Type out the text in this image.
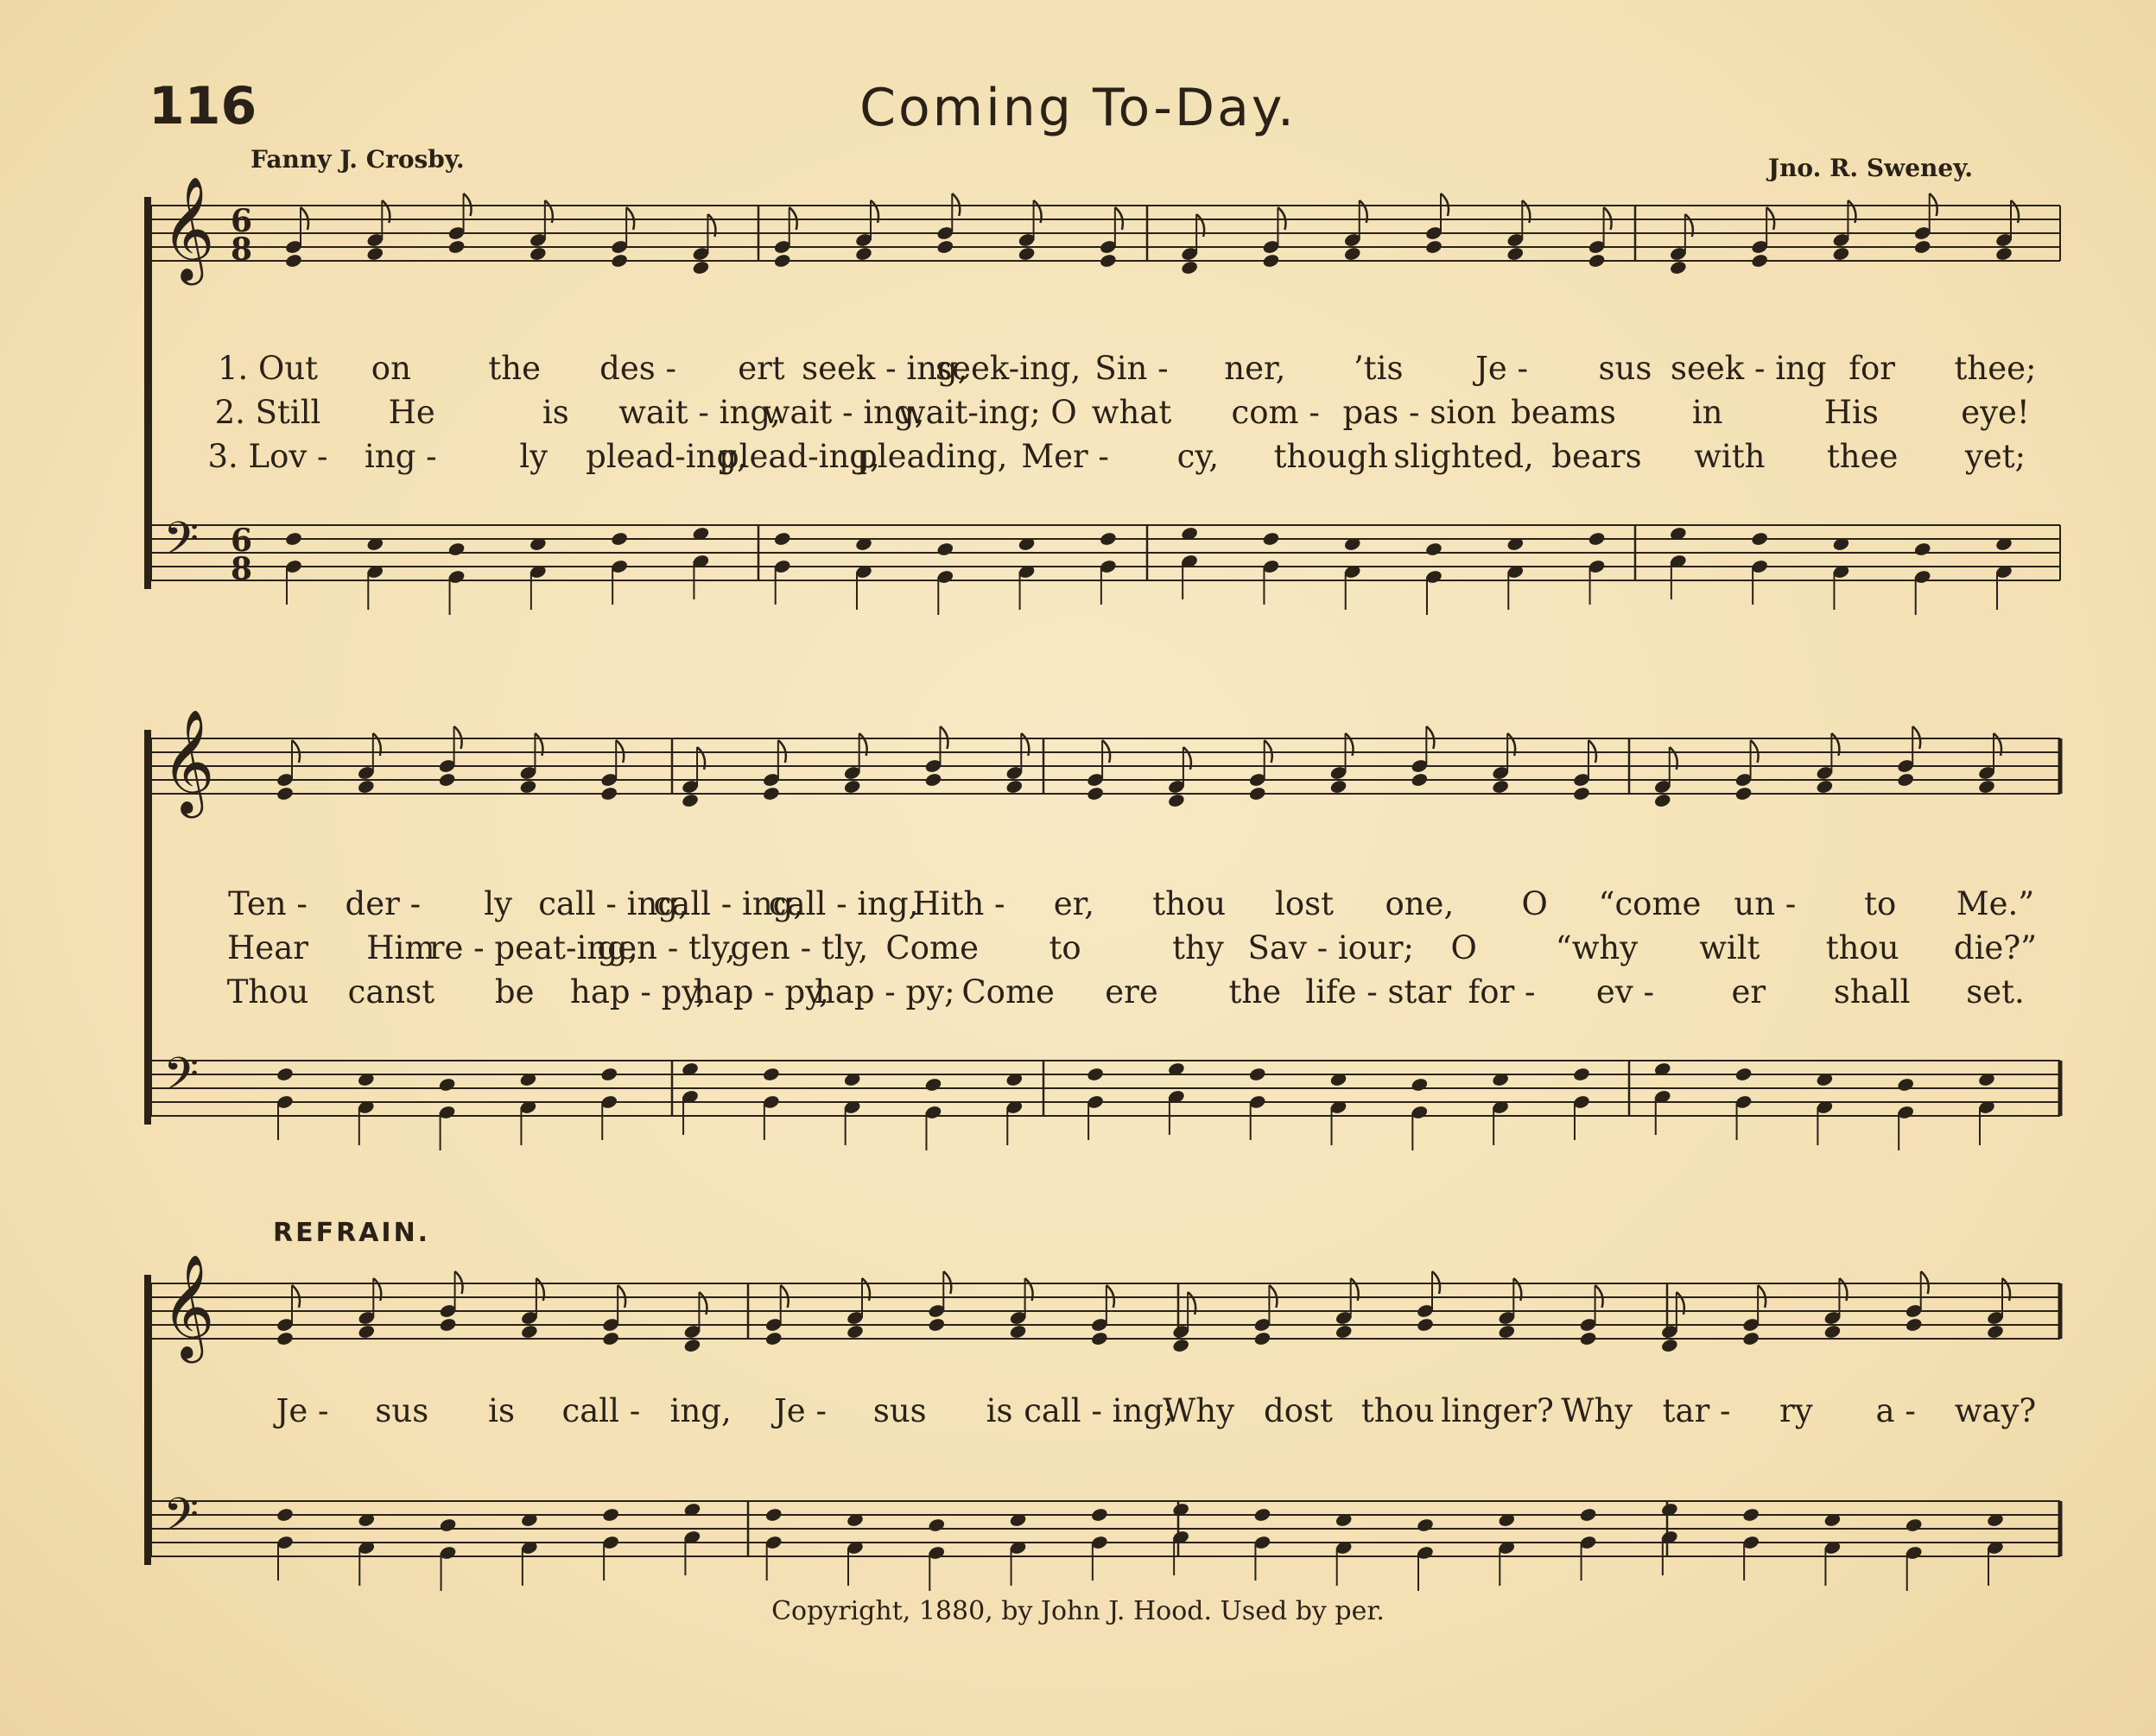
116	Coming To-Day.
Fanny J. Crosby.	Jno. R. Sweney.
REFRAIN.
Copyright, 1880, by John J. Hood. Used by per.
𝄞
𝄢
6
8
6
8
𝄞
𝄢
𝄞
𝄢
1. Out on the des - ert seek - ing,
seek-ing, Sin - ner, ’tis Je - sus seek - ing for thee;
2. Still He	is wait - ing,
wait - ing,
wait-ing; O what com - pas - sion beams in	His	eye!
3. Lov - ing -	ly plead-ing,
plead-ing,
pleading, Mer - cy, though slighted, bears with thee yet;
Ten - der - ly call - ing,
call - ing,
call - ing,
Hith - er, thou lost one, O “come un - to Me.”
Hear Him
re - peat-ing,
gen - tly,
gen - tly, Come to	thy Sav - iour; O “why wilt thou die?”
Thou canst be hap - py,
hap - py,
hap - py; Come ere the life - star for - ev - er shall set.
Je - sus is call - ing, Je - sus is call - ing;
Why dost thou linger? Why tar - ry a - way?
